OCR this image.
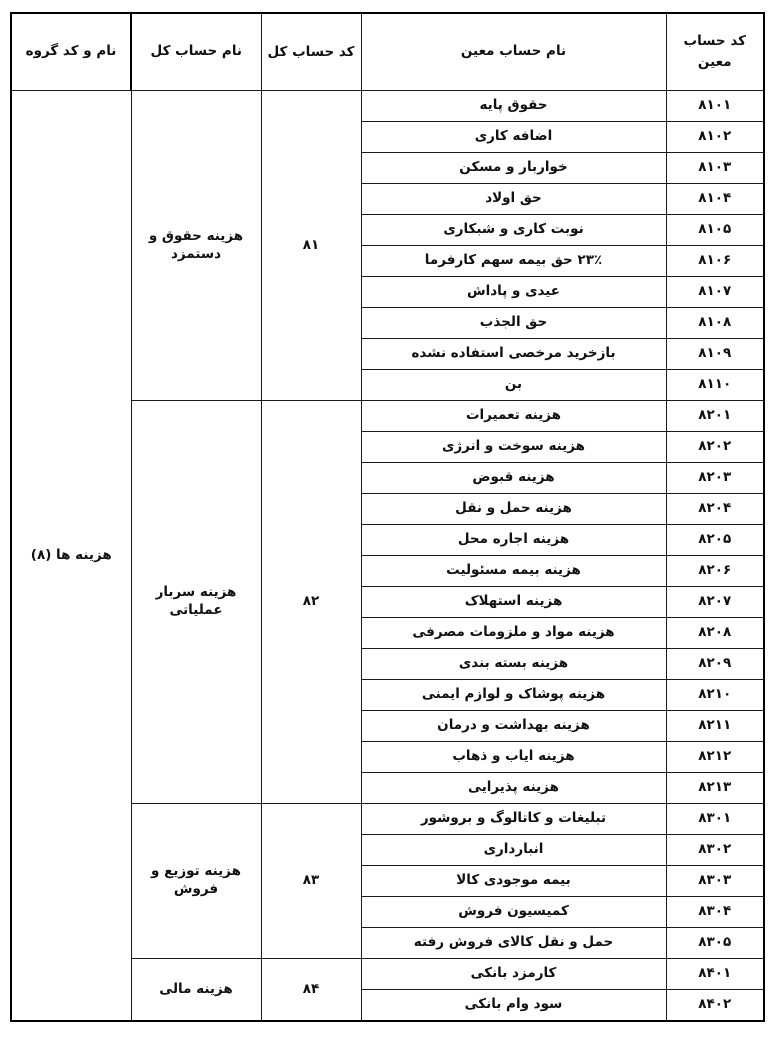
کد حساب معین	نام حساب معین	کد حساب کل	نام حساب کل	نام و کد گروه
۸۱۰۱	حقوق پایه	۸۱	هزینه حقوق و دستمزد	هزینه ها (۸)
۸۱۰۲	اضافه کاری			
۸۱۰۳	خواربار و مسکن			
۸۱۰۴	حق اولاد			
۸۱۰۵	نوبت کاری و شبکاری			
۸۱۰۶	۲۳٪ حق بیمه سهم کارفرما			
۸۱۰۷	عیدی و پاداش			
۸۱۰۸	حق الجذب			
۸۱۰۹	بازخرید مرخصی استفاده نشده			
۸۱۱۰	بن			
۸۲۰۱	هزینه تعمیرات	۸۲	هزینه سربار عملیاتی	
۸۲۰۲	هزینه سوخت و انرژی			
۸۲۰۳	هزینه قبوض			
۸۲۰۴	هزینه حمل و نقل			
۸۲۰۵	هزینه اجاره محل			
۸۲۰۶	هزینه بیمه مسئولیت			
۸۲۰۷	هزینه استهلاک			
۸۲۰۸	هزینه مواد و ملزومات مصرفی			
۸۲۰۹	هزینه بسته بندی			
۸۲۱۰	هزینه پوشاک و لوازم ایمنی			
۸۲۱۱	هزینه بهداشت و درمان			
۸۲۱۲	هزینه ایاب و ذهاب			
۸۲۱۳	هزینه پذیرایی			
۸۳۰۱	تبلیغات و کاتالوگ و بروشور	۸۳	هزینه توزیع و فروش	
۸۳۰۲	انبارداری			
۸۳۰۳	بیمه موجودی کالا			
۸۳۰۴	کمیسیون فروش			
۸۳۰۵	حمل و نقل کالای فروش رفته			
۸۴۰۱	کارمزد بانکی	۸۴	هزینه مالی	
۸۴۰۲	سود وام بانکی			
